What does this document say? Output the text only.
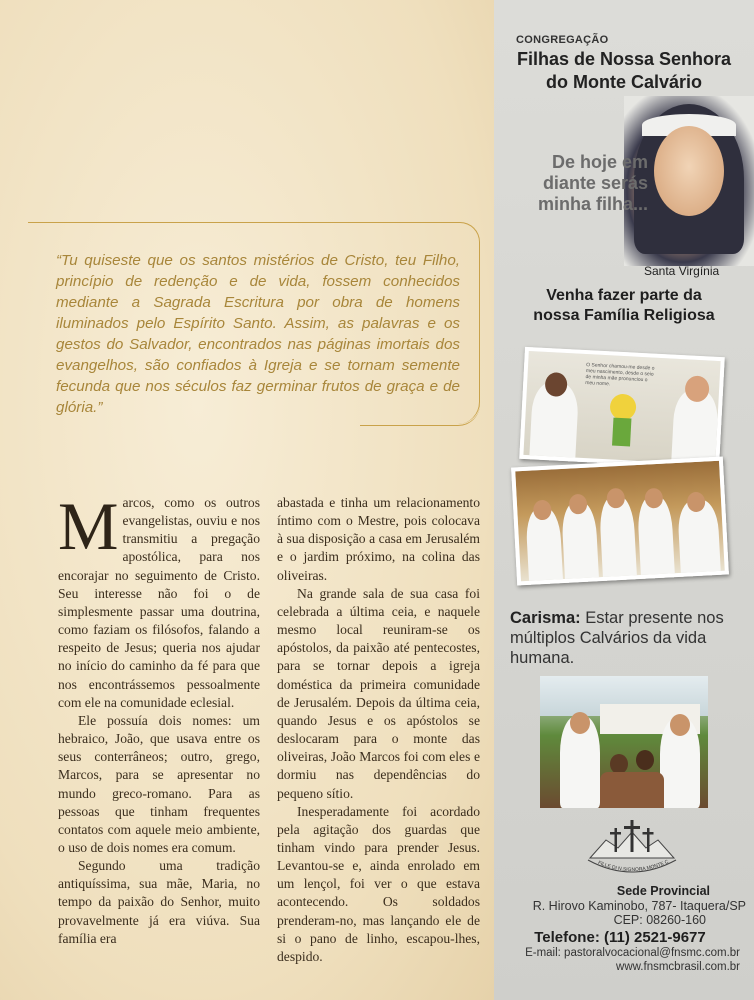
“Tu quiseste que os santos mistérios de Cristo, teu Filho, princípio de redenção e de vida, fossem conhecidos mediante a Sagrada Escritura por obra de homens iluminados pelo Espírito Santo. Assim, as palavras e os gestos do Salvador, encontrados nas páginas imortais dos evangelhos, são confiados à Igreja e se tornam semente fecunda que nos séculos faz germinar frutos de graça e de glória.”

Marcos, como os outros evangelistas, ouviu e nos transmitiu a pregação apostólica, para nos encorajar no seguimento de Cristo. Seu interesse não foi o de simplesmente passar uma doutrina, como faziam os filósofos, falando a respeito de Jesus; queria nos ajudar no início do caminho da fé para que nos encontrássemos pessoalmente com ele na comunidade eclesial.

Ele possuía dois nomes: um hebraico, João, que usava entre os seus conterrâneos; outro, grego, Marcos, para se apresentar no mundo greco-romano. Para as pessoas que tinham frequentes contatos com aquele meio ambiente, o uso de dois nomes era comum.

Segundo uma tradição antiquíssima, sua mãe, Maria, no tempo da paixão do Senhor, muito provavelmente já era viúva. Sua família era

abastada e tinha um relacionamento íntimo com o Mestre, pois colocava à sua disposição a casa em Jerusalém e o jardim próximo, na colina das oliveiras.

Na grande sala de sua casa foi celebrada a última ceia, e naquele mesmo local reuniram-se os apóstolos, da paixão até pentecostes, para se tornar depois a igreja doméstica da primeira comunidade de Jerusalém. Depois da última ceia, quando Jesus e os apóstolos se deslocaram para o monte das oliveiras, João Marcos foi com eles e dormiu nas dependências do pequeno sítio.

Inesperadamente foi acordado pela agitação dos guardas que tinham vindo para prender Jesus. Levantou-se e, ainda enrolado em um lençol, foi ver o que estava acontecendo. Os soldados prenderam-no, mas lançando ele de si o pano de linho, escapou-lhes, despido.

CONGREGAÇÃO
Filhas de Nossa Senhora
do Monte Calvário
De hoje em diante serás minha filha...
Santa Virgínia
Venha fazer parte da
nossa Família Religiosa
O Senhor chamou-me desde o meu nascimento, desde o seio de minha mãe pronunciou o meu nome.
Carisma: Estar presente nos múltiplos Calvários da vida humana.
FILLE DI N.SIGNORA MONTE C
Sede Provincial
R. Hirovo Kaminobo, 787- Itaquera/SP
CEP: 08260-160
Telefone: (11) 2521-9677
E-mail: pastoralvocacional@fnsmc.com.br
www.fnsmcbrasil.com.br
